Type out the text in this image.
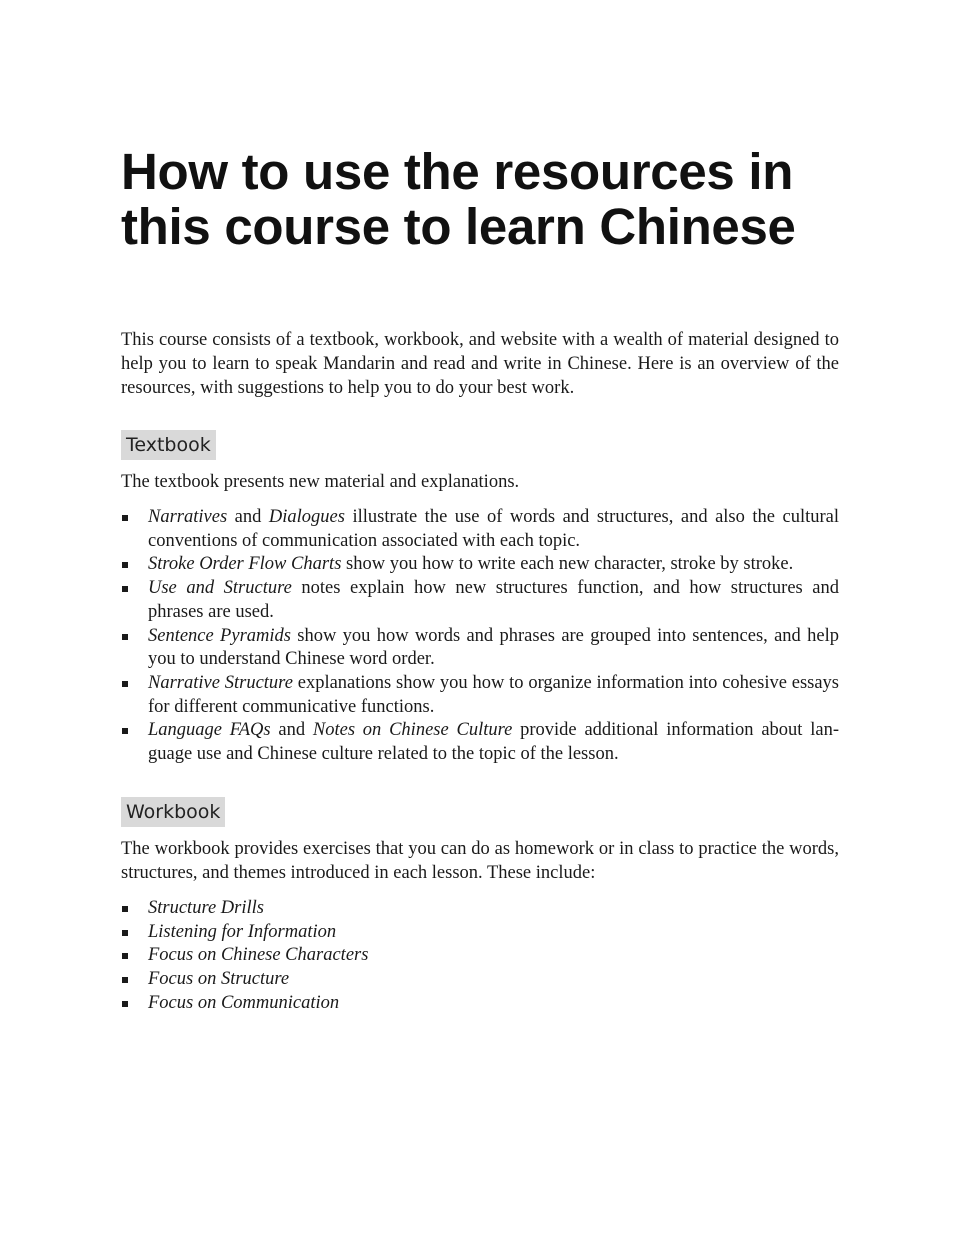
How to use the resources in
this course to learn Chinese

This course consists of a textbook, workbook, and website with a wealth of material designed to help you to learn to speak Mandarin and read and write in Chinese. Here is an overview of the resources, with suggestions to help you to do your best work.

Textbook

The textbook presents new material and explanations.

Narratives and Dialogues illustrate the use of words and structures, and also the cultural conventions of communication associated with each topic.
Stroke Order Flow Charts show you how to write each new character, stroke by stroke.
Use and Structure notes explain how new structures function, and how structures and phrases are used.
Sentence Pyramids show you how words and phrases are grouped into sentences, and help you to understand Chinese word order.
Narrative Structure explanations show you how to organize information into cohesive essays for different communicative functions.
Language FAQs and Notes on Chinese Culture provide additional information about lan-guage use and Chinese culture related to the topic of the lesson.
Workbook

The workbook provides exercises that you can do as homework or in class to practice the words, structures, and themes introduced in each lesson. These include:

Structure Drills
Listening for Information
Focus on Chinese Characters
Focus on Structure
Focus on Communication
